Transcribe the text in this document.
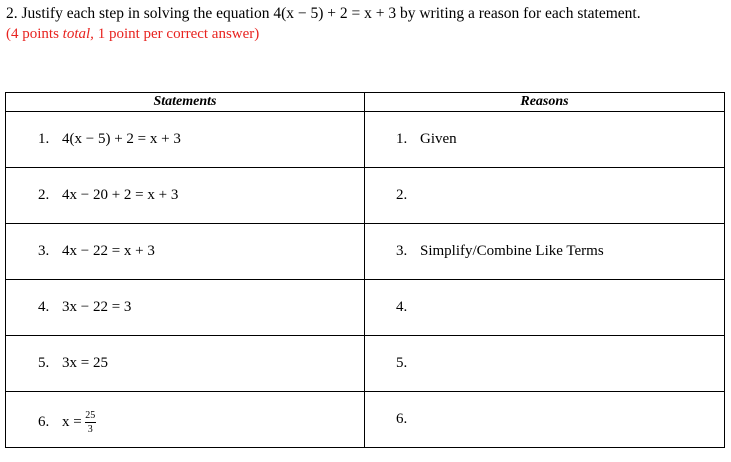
2. Justify each step in solving the equation 4(x − 5) + 2 = x + 3 by writing a reason for each statement.
(4 points total, 1 point per correct answer)
Statements	Reasons

1. 4(x − 5) + 2 = x + 3	1. Given

2. 4x − 20 + 2 = x + 3	2.

3. 4x − 22 = x + 3	3. Simplify/Combine Like Terms

4. 3x − 22 = 3	4.

5. 3x = 25	5.

6. $x = \frac{25}{3}$	6.
